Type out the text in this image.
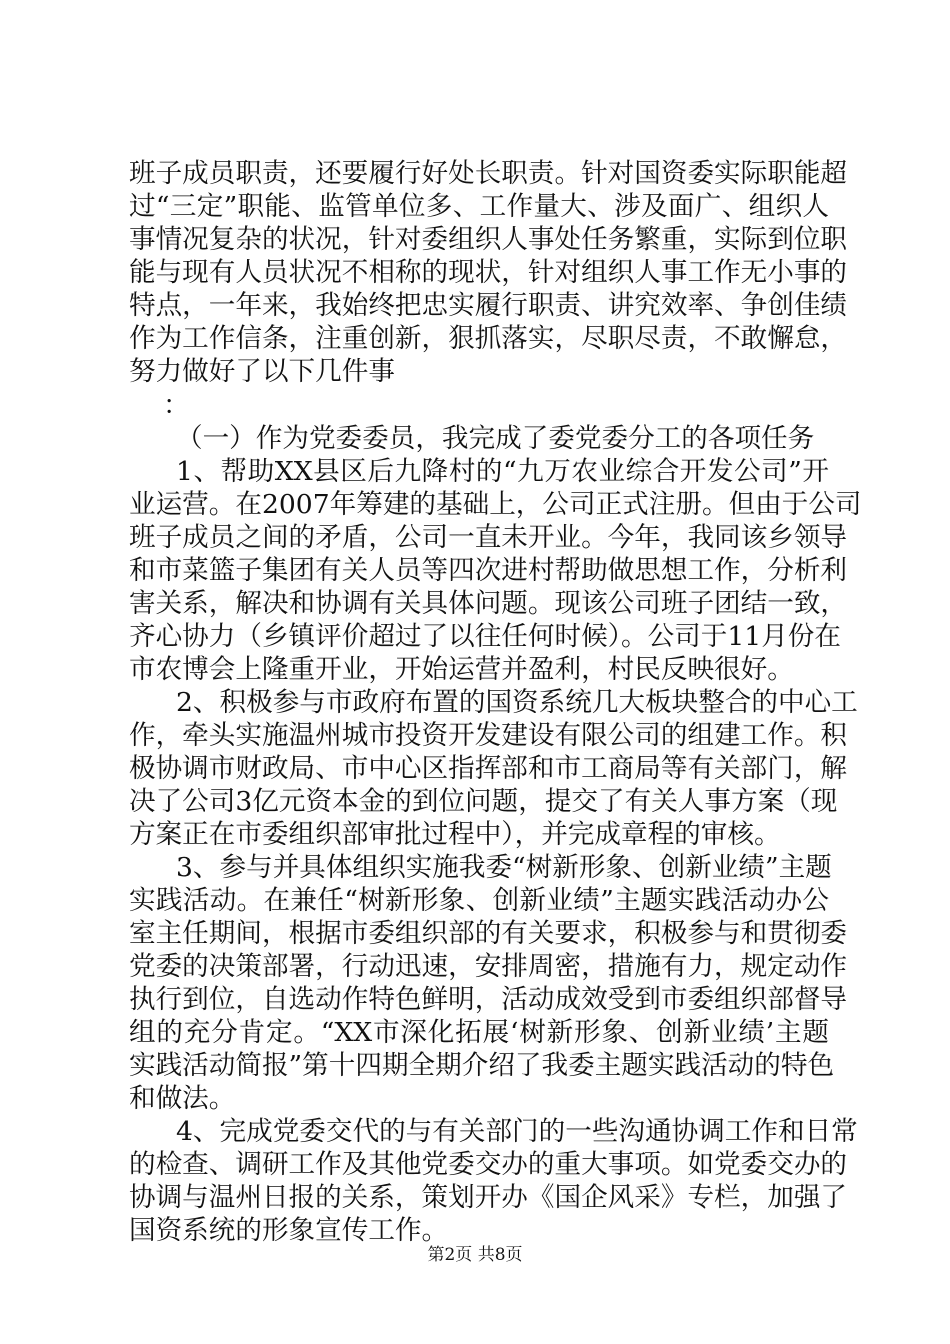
班子成员职责，还要履行好处长职责。针对国资委实际职能超
过“三定”职能、监管单位多、工作量大、涉及面广、组织人
事情况复杂的状况，针对委组织人事处任务繁重，实际到位职
能与现有人员状况不相称的现状，针对组织人事工作无小事的
特点，一年来，我始终把忠实履行职责、讲究效率、争创佳绩
作为工作信条，注重创新，狠抓落实，尽职尽责，不敢懈怠，
努力做好了以下几件事
：
（一）作为党委委员，我完成了委党委分工的各项任务
1、帮助XX县区后九降村的“九万农业综合开发公司”开
业运营。在2007年筹建的基础上，公司正式注册。但由于公司
班子成员之间的矛盾，公司一直未开业。今年，我同该乡领导
和市菜篮子集团有关人员等四次进村帮助做思想工作，分析利
害关系，解决和协调有关具体问题。现该公司班子团结一致，
齐心协力（乡镇评价超过了以往任何时候）。公司于11月份在
市农博会上隆重开业，开始运营并盈利，村民反映很好。
2、积极参与市政府布置的国资系统几大板块整合的中心工
作，牵头实施温州城市投资开发建设有限公司的组建工作。积
极协调市财政局、市中心区指挥部和市工商局等有关部门，解
决了公司3亿元资本金的到位问题，提交了有关人事方案（现
方案正在市委组织部审批过程中），并完成章程的审核。
3、参与并具体组织实施我委“树新形象、创新业绩”主题
实践活动。在兼任“树新形象、创新业绩”主题实践活动办公
室主任期间，根据市委组织部的有关要求，积极参与和贯彻委
党委的决策部署，行动迅速，安排周密，措施有力，规定动作
执行到位，自选动作特色鲜明，活动成效受到市委组织部督导
组的充分肯定。“XX市深化拓展‘树新形象、创新业绩’主题
实践活动简报”第十四期全期介绍了我委主题实践活动的特色
和做法。
4、完成党委交代的与有关部门的一些沟通协调工作和日常
的检查、调研工作及其他党委交办的重大事项。如党委交办的
协调与温州日报的关系，策划开办《国企风采》专栏，加强了
国资系统的形象宣传工作。
第2页 共8页
